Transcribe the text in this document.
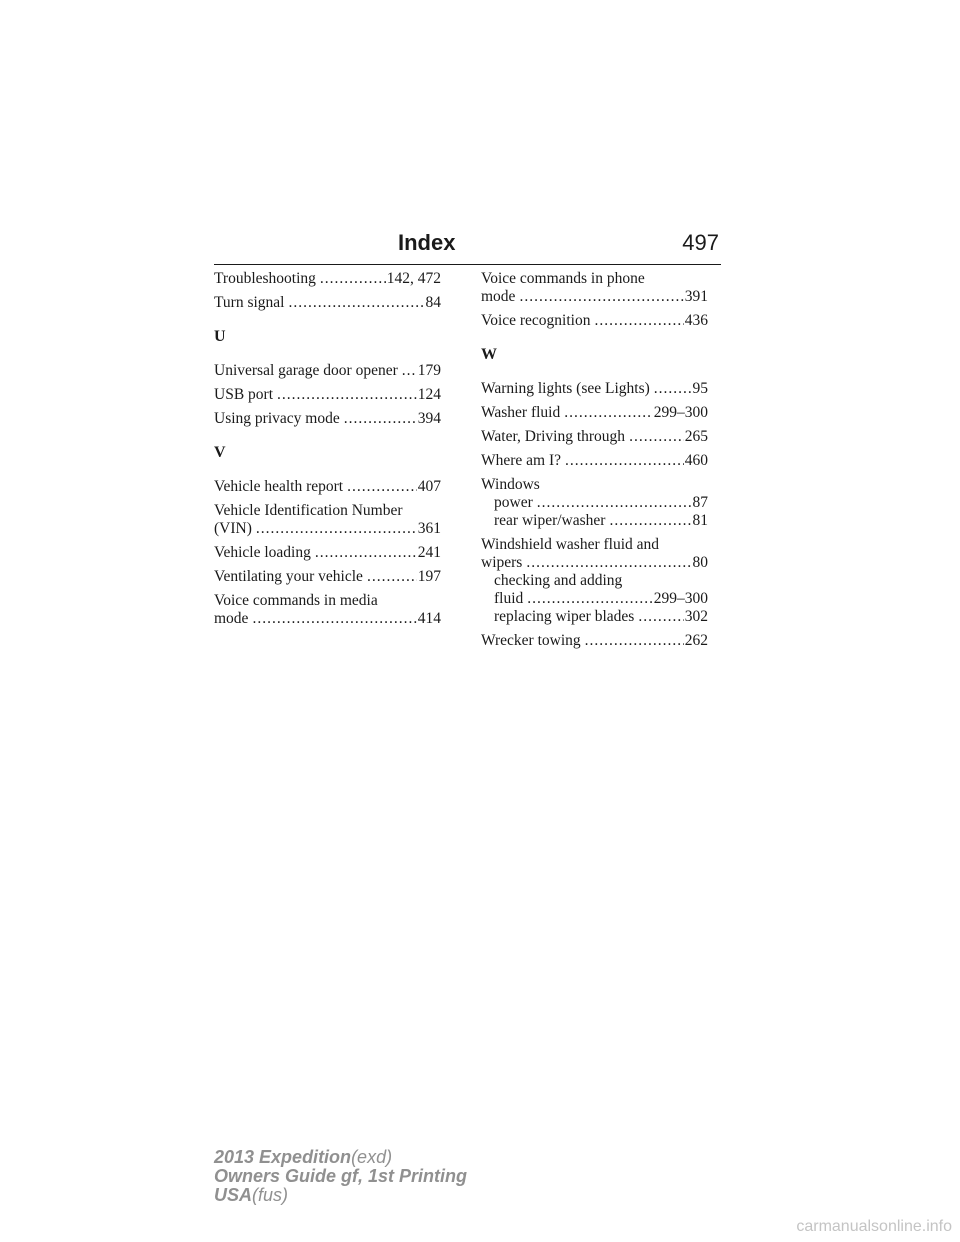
Index	497
Troubleshooting .....	142, 472
Turn signal .....	84
U
Universal garage door opener ..... 179
USB port .....	124
Using privacy mode .....	394
V
Vehicle health report .....	407
Vehicle Identification Number
(VIN) .....	361
Vehicle loading .....	241
Ventilating your vehicle .....	197
Voice commands in media
mode .....	414
Voice commands in phone
mode .....	391
Voice recognition .....	436
W
Warning lights (see Lights) .....	95
Washer fluid .....	299–300
Water, Driving through .....	265
Where am I? .....	460
Windows
power .....	87
rear wiper/washer .....	81
Windshield washer fluid and
wipers .....	80
checking and adding
fluid .....	299–300
replacing wiper blades .....	302
Wrecker towing .....	262
2013 Expedition(exd)
Owners Guide gf, 1st Printing
USA(fus)
carmanualsonline.info
